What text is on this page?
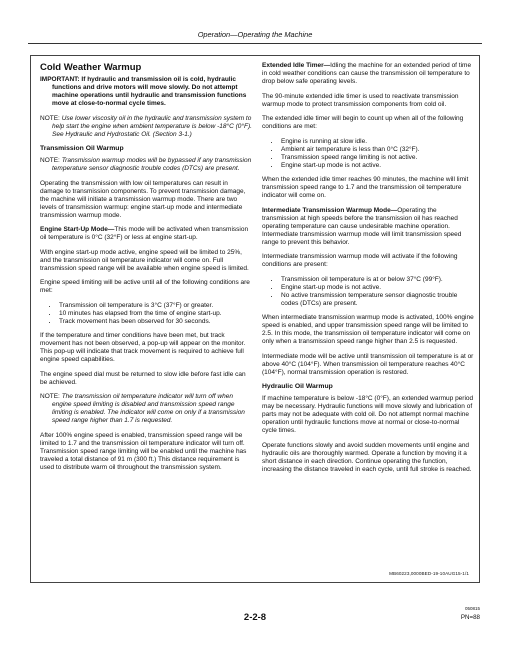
Operation—Operating the Machine
Cold Weather Warmup
IMPORTANT: If hydraulic and transmission oil is cold, hydraulic functions and drive motors will move slowly. Do not attempt machine operations until hydraulic and transmission functions move at close-to-normal cycle times.

NOTE: Use lower viscosity oil in the hydraulic and transmission system to help start the engine when ambient temperature is below -18°C (0°F). See Hydraulic and Hydrostatic Oil. (Section 3-1.)

Transmission Oil Warmup

NOTE: Transmission warmup modes will be bypassed if any transmission temperature sensor diagnostic trouble codes (DTCs) are present.

Operating the transmission with low oil temperatures can result in damage to transmission components. To prevent transmission damage, the machine will initiate a transmission warmup mode. There are two levels of transmission warmup: engine start-up mode and intermediate transmission warmup mode.

Engine Start-Up Mode—This mode will be activated when transmission oil temperature is 0°C (32°F) or less at engine start-up.

With engine start-up mode active, engine speed will be limited to 25%, and the transmission oil temperature indicator will come on. Full transmission speed range will be available when engine speed is limited.

Engine speed limiting will be active until all of the following conditions are met:

• Transmission oil temperature is 3°C (37°F) or greater.
• 10 minutes has elapsed from the time of engine start-up.
• Track movement has been observed for 30 seconds.

If the temperature and timer conditions have been met, but track movement has not been observed, a pop-up will appear on the monitor. This pop-up will indicate that track movement is required to achieve full engine speed capabilities.

The engine speed dial must be returned to slow idle before fast idle can be achieved.

NOTE: The transmission oil temperature indicator will turn off when engine speed limiting is disabled and transmission speed range limiting is enabled. The indicator will come on only if a transmission speed range higher than 1.7 is requested.

After 100% engine speed is enabled, transmission speed range will be limited to 1.7 and the transmission oil temperature indicator will turn off. Transmission speed range limiting will be enabled until the machine has traveled a total distance of 91 m (300 ft.) This distance requirement is used to distribute warm oil throughout the transmission system.

Extended Idle Timer—Idling the machine for an extended period of time in cold weather conditions can cause the transmission oil temperature to drop below safe operating levels.

The 90-minute extended idle timer is used to reactivate transmission warmup mode to protect transmission components from cold oil.

The extended idle timer will begin to count up when all of the following conditions are met:

• Engine is running at slow idle.
• Ambient air temperature is less than 0°C (32°F).
• Transmission speed range limiting is not active.
• Engine start-up mode is not active.

When the extended idle timer reaches 90 minutes, the machine will limit transmission speed range to 1.7 and the transmission oil temperature indicator will come on.

Intermediate Transmission Warmup Mode—Operating the transmission at high speeds before the transmission oil has reached operating temperature can cause undesirable machine operation. Intermediate transmission warmup mode will limit transmission speed range to prevent this behavior.

Intermediate transmission warmup mode will activate if the following conditions are present:

• Transmission oil temperature is at or below 37°C (99°F).
• Engine start-up mode is not active.
• No active transmission temperature sensor diagnostic trouble codes (DTCs) are present.

When intermediate transmission warmup mode is activated, 100% engine speed is enabled, and upper transmission speed range will be limited to 2.5. In this mode, the transmission oil temperature indicator will come on only when a transmission speed range higher than 2.5 is requested.

Intermediate mode will be active until transmission oil temperature is at or above 40°C (104°F). When transmission oil temperature reaches 40°C (104°F), normal transmission operation is restored.

Hydraulic Oil Warmup

If machine temperature is below -18°C (0°F), an extended warmup period may be necessary. Hydraulic functions will move slowly and lubrication of parts may not be adequate with cold oil. Do not attempt normal machine operation until hydraulic functions move at normal or close-to-normal cycle times.

Operate functions slowly and avoid sudden movements until engine and hydraulic oils are thoroughly warmed. Operate a function by moving it a short distance in each direction. Continue operating the function, increasing the distance traveled in each cycle, until full stroke is reached.

MB60223,0000BED-19-10AUG15-1/1
2-2-8
050815
PN=88
